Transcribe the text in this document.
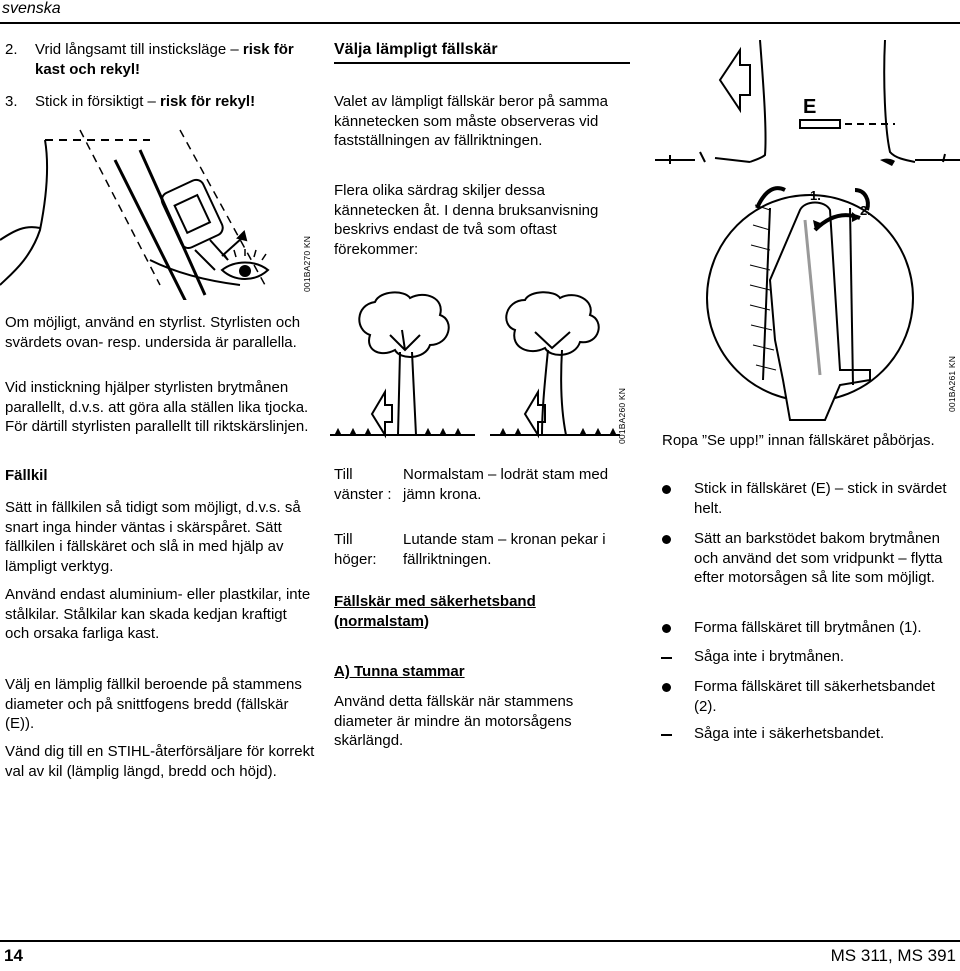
svenska
2. Vrid långsamt till insticksläge – risk för kast och rekyl!
3. Stick in försiktigt – risk för rekyl!
001BA270 KN
Välja lämpligt fällskär

Valet av lämpligt fällskär beror på samma kännetecken som måste observeras vid fastställningen av fällriktningen.

Flera olika särdrag skiljer dessa kännetecken åt. I denna bruksanvisning beskrivs endast de två som oftast förekommer:

E
1.
2.
001BA261 KN

Om möjligt, använd en styrlist. Styrlisten och svärdets ovan- resp. undersida är parallella.

Vid instickning hjälper styrlisten brytmånen parallellt, d.v.s. att göra alla ställen lika tjocka. För därtill styrlisten parallellt till riktskärslinjen.

Fällkil

Sätt in fällkilen så tidigt som möjligt, d.v.s. så snart inga hinder väntas i skärspåret. Sätt fällkilen i fällskäret och slå in med hjälp av lämpligt verktyg.

Använd endast aluminium- eller plastkilar, inte stålkilar. Stålkilar kan skada kedjan kraftigt och orsaka farliga kast.

Välj en lämplig fällkil beroende på stammens diameter och på snittfogens bredd (fällskär (E)).

Vänd dig till en STIHL-återförsäljare för korrekt val av kil (lämplig längd, bredd och höjd).

001BA260 KN

Till vänster :

Normalstam – lodrät stam med jämn krona.

Till höger:

Lutande stam – kronan pekar i fällriktningen.

Fällskär med säkerhetsband (normalstam)

A) Tunna stammar

Använd detta fällskär när stammens diameter är mindre än motorsågens skärlängd.

Ropa ”Se upp!” innan fällskäret påbörjas.

Stick in fällskäret (E) – stick in svärdet helt.

Sätt an barkstödet bakom brytmånen och använd det som vridpunkt – flytta efter motorsågen så lite som möjligt.

Forma fällskäret till brytmånen (1).

Såga inte i brytmånen.

Forma fällskäret till säkerhetsbandet (2).

Såga inte i säkerhetsbandet.

14	MS 311, MS 391
